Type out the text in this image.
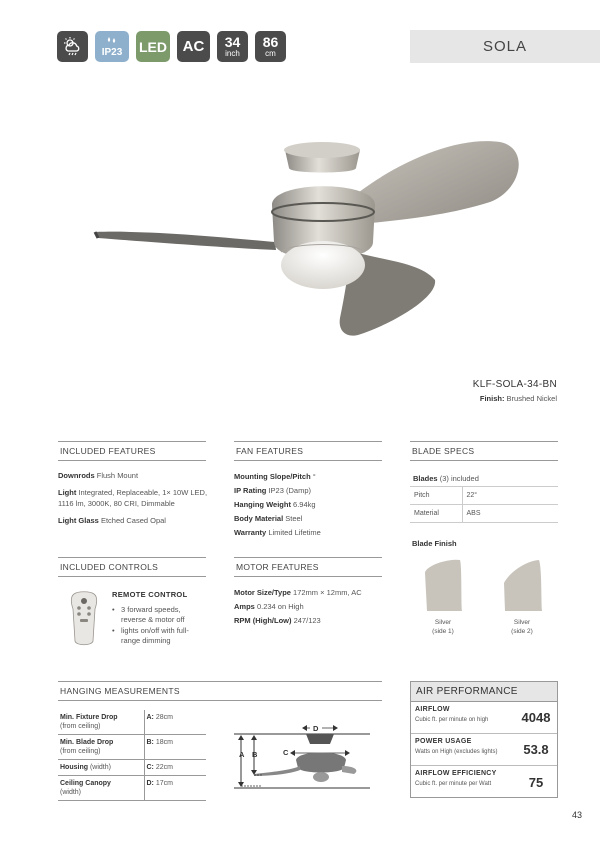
IP23 LED AC 34
inch
86
cm	SOLA
KLF-SOLA-34-BN
Finish: Brushed Nickel
INCLUDED FEATURES

Downrods Flush Mount

Light Integrated, Replaceable, 1× 10W LED, 1116 lm, 3000K, 80 CRI, Dimmable

Light Glass Etched Cased Opal

FAN FEATURES
Mounting Slope/Pitch °
IP Rating IP23 (Damp)
Hanging Weight 6.94kg
Body Material Steel
Warranty Limited Lifetime
BLADE SPECS
Blades (3) included
Pitch	22°
Material	ABS
Blade Finish
Silver
(side 1)
Silver
(side 2)
INCLUDED CONTROLS
REMOTE CONTROL
• 3 forward speeds, reverse & motor off
• lights on/off with full-range dimming
MOTOR FEATURES
Motor Size/Type 172mm × 12mm, AC
Amps 0.234 on High
RPM (High/Low) 247/123
HANGING MEASUREMENTS
Min. Fixture Drop
(from ceiling)	A: 28cm
Min. Blade Drop
(from ceiling)	B: 18cm
Housing (width)	C: 22cm
Ceiling Canopy
(width)	D: 17cm
A B	C
D
AIR PERFORMANCE
AIRFLOW
Cubic ft. per minute on high	4048
POWER USAGE
Watts on High (excludes lights)	53.8
AIRFLOW EFFICIENCY
Cubic ft. per minute per Watt	75
43
